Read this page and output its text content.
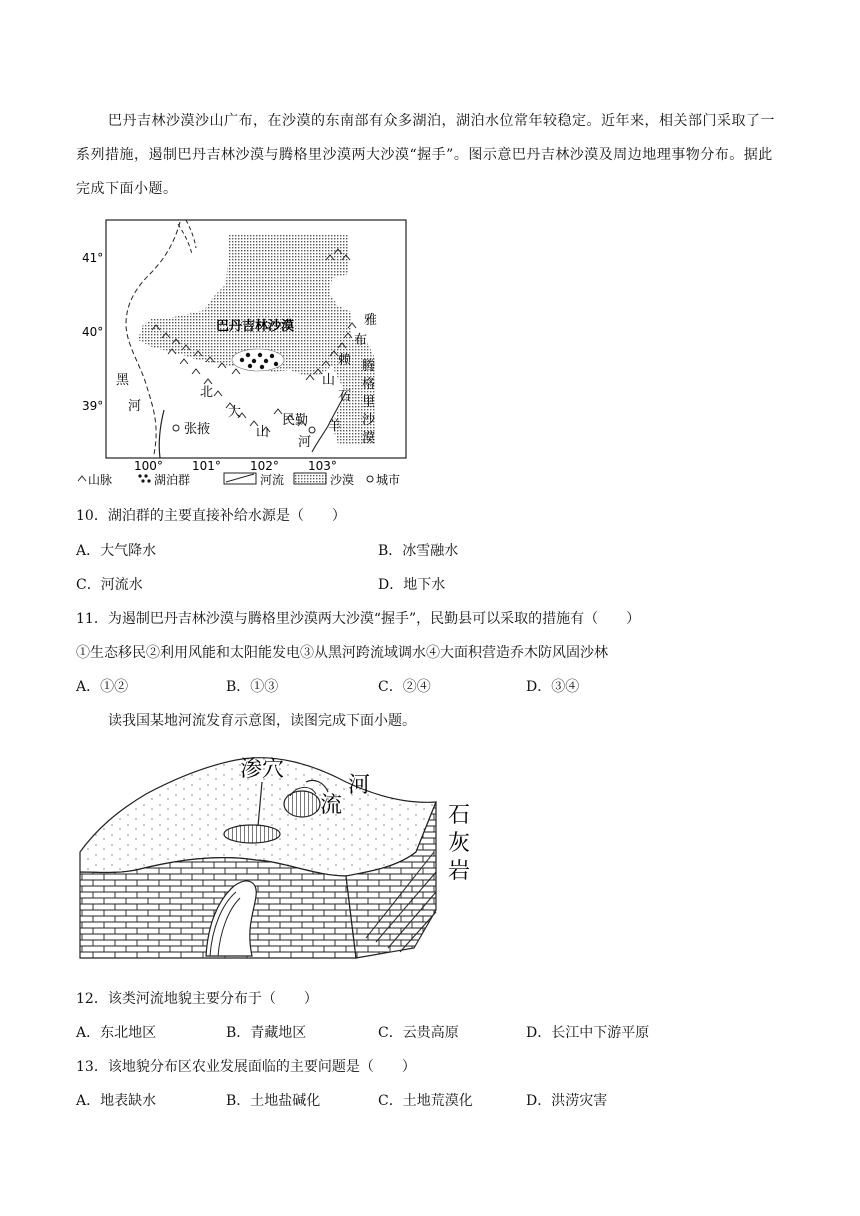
巴丹吉林沙漠沙山广布，在沙漠的东南部有众多湖泊，湖泊水位常年较稳定。近年来，相关部门采取了一系列措施，遏制巴丹吉林沙漠与腾格里沙漠两大沙漠“握手”。图示意巴丹吉林沙漠及周边地理事物分布。据此完成下面小题。
41°
40°
39°
100° 101° 102° 103°
巴丹吉林沙漠	雅
布
赖
山
腾
格
里
沙
漠
黑
河
北
大
山
民勤
河
石
羊
张掖
山脉	湖泊群	河流	沙漠 城市
10．湖泊群的主要直接补给水源是（　　）
A．大气降水	B．冰雪融水
C．河流水	D．地下水
11．为遏制巴丹吉林沙漠与腾格里沙漠两大沙漠“握手”，民勤县可以采取的措施有（　　）
①生态移民②利用风能和太阳能发电③从黑河跨流域调水④大面积营造乔木防风固沙林
A．①②	B．①③	C．②④	D．③④
读我国某地河流发育示意图，读图完成下面小题。
渗穴
河
流	石
灰
岩
12．该类河流地貌主要分布于（　　）
A．东北地区	B．青藏地区	C．云贵高原	D．长江中下游平原
13．该地貌分布区农业发展面临的主要问题是（　　）
A．地表缺水	B．土地盐碱化	C．土地荒漠化	D．洪涝灾害
